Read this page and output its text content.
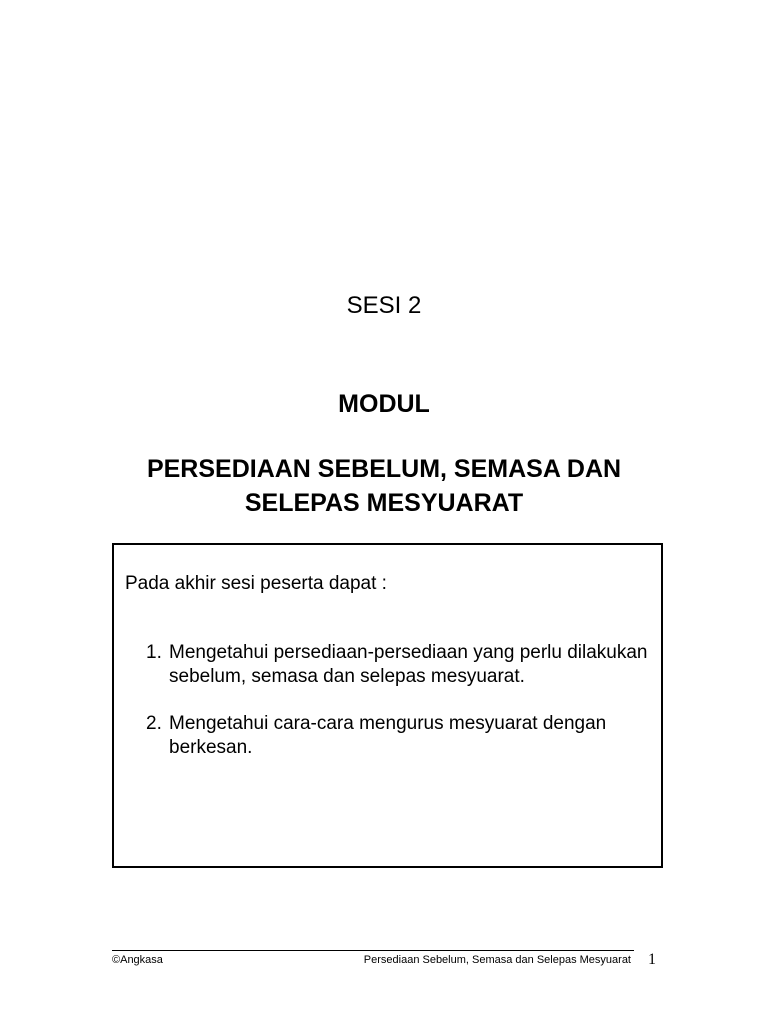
SESI 2
MODUL
PERSEDIAAN SEBELUM, SEMASA DAN
SELEPAS MESYUARAT
Pada akhir sesi peserta dapat :
1. Mengetahui persediaan-persediaan yang perlu dilakukan sebelum, semasa dan selepas mesyuarat.
2. Mengetahui cara-cara mengurus mesyuarat dengan berkesan.
©Angkasa	Persediaan Sebelum, Semasa dan Selepas Mesyuarat 1
